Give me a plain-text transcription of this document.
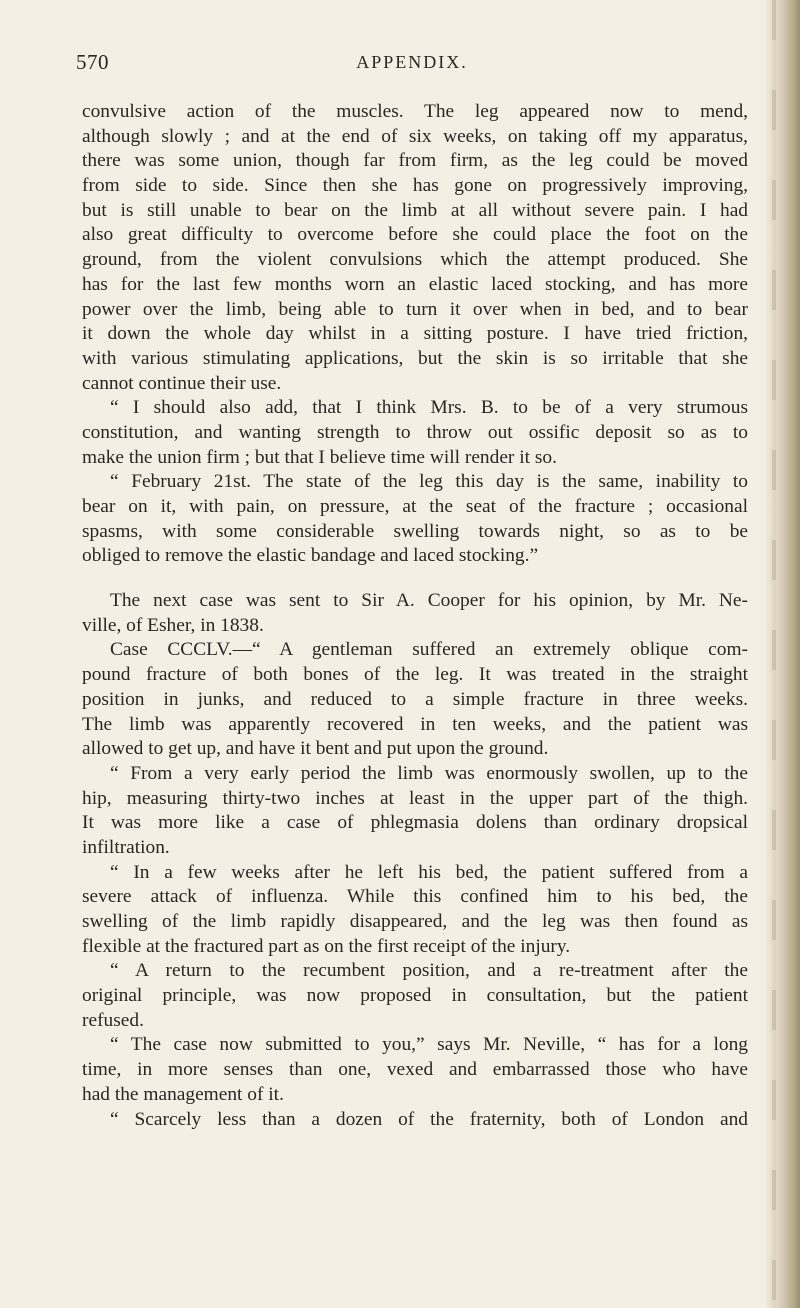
570	APPENDIX.
convulsive action of the muscles. The leg appeared now to mend,
although slowly ; and at the end of six weeks, on taking off my apparatus,
there was some union, though far from firm, as the leg could be moved
from side to side. Since then she has gone on progressively improving,
but is still unable to bear on the limb at all without severe pain. I had
also great difficulty to overcome before she could place the foot on the
ground, from the violent convulsions which the attempt produced. She
has for the last few months worn an elastic laced stocking, and has more
power over the limb, being able to turn it over when in bed, and to bear
it down the whole day whilst in a sitting posture. I have tried friction,
with various stimulating applications, but the skin is so irritable that she
cannot continue their use.
“ I should also add, that I think Mrs. B. to be of a very strumous
constitution, and wanting strength to throw out ossific deposit so as to
make the union firm ; but that I believe time will render it so.
“ February 21st. The state of the leg this day is the same, inability to
bear on it, with pain, on pressure, at the seat of the fracture ; occasional
spasms, with some considerable swelling towards night, so as to be
obliged to remove the elastic bandage and laced stocking.”
The next case was sent to Sir A. Cooper for his opinion, by Mr. Ne-
ville, of Esher, in 1838.
Case CCCLV.—“ A gentleman suffered an extremely oblique com-
pound fracture of both bones of the leg. It was treated in the straight
position in junks, and reduced to a simple fracture in three weeks.
The limb was apparently recovered in ten weeks, and the patient was
allowed to get up, and have it bent and put upon the ground.
“ From a very early period the limb was enormously swollen, up to the
hip, measuring thirty-two inches at least in the upper part of the thigh.
It was more like a case of phlegmasia dolens than ordinary dropsical
infiltration.
“ In a few weeks after he left his bed, the patient suffered from a
severe attack of influenza. While this confined him to his bed, the
swelling of the limb rapidly disappeared, and the leg was then found as
flexible at the fractured part as on the first receipt of the injury.
“ A return to the recumbent position, and a re-treatment after the
original principle, was now proposed in consultation, but the patient
refused.
“ The case now submitted to you,” says Mr. Neville, “ has for a long
time, in more senses than one, vexed and embarrassed those who have
had the management of it.
“ Scarcely less than a dozen of the fraternity, both of London and
